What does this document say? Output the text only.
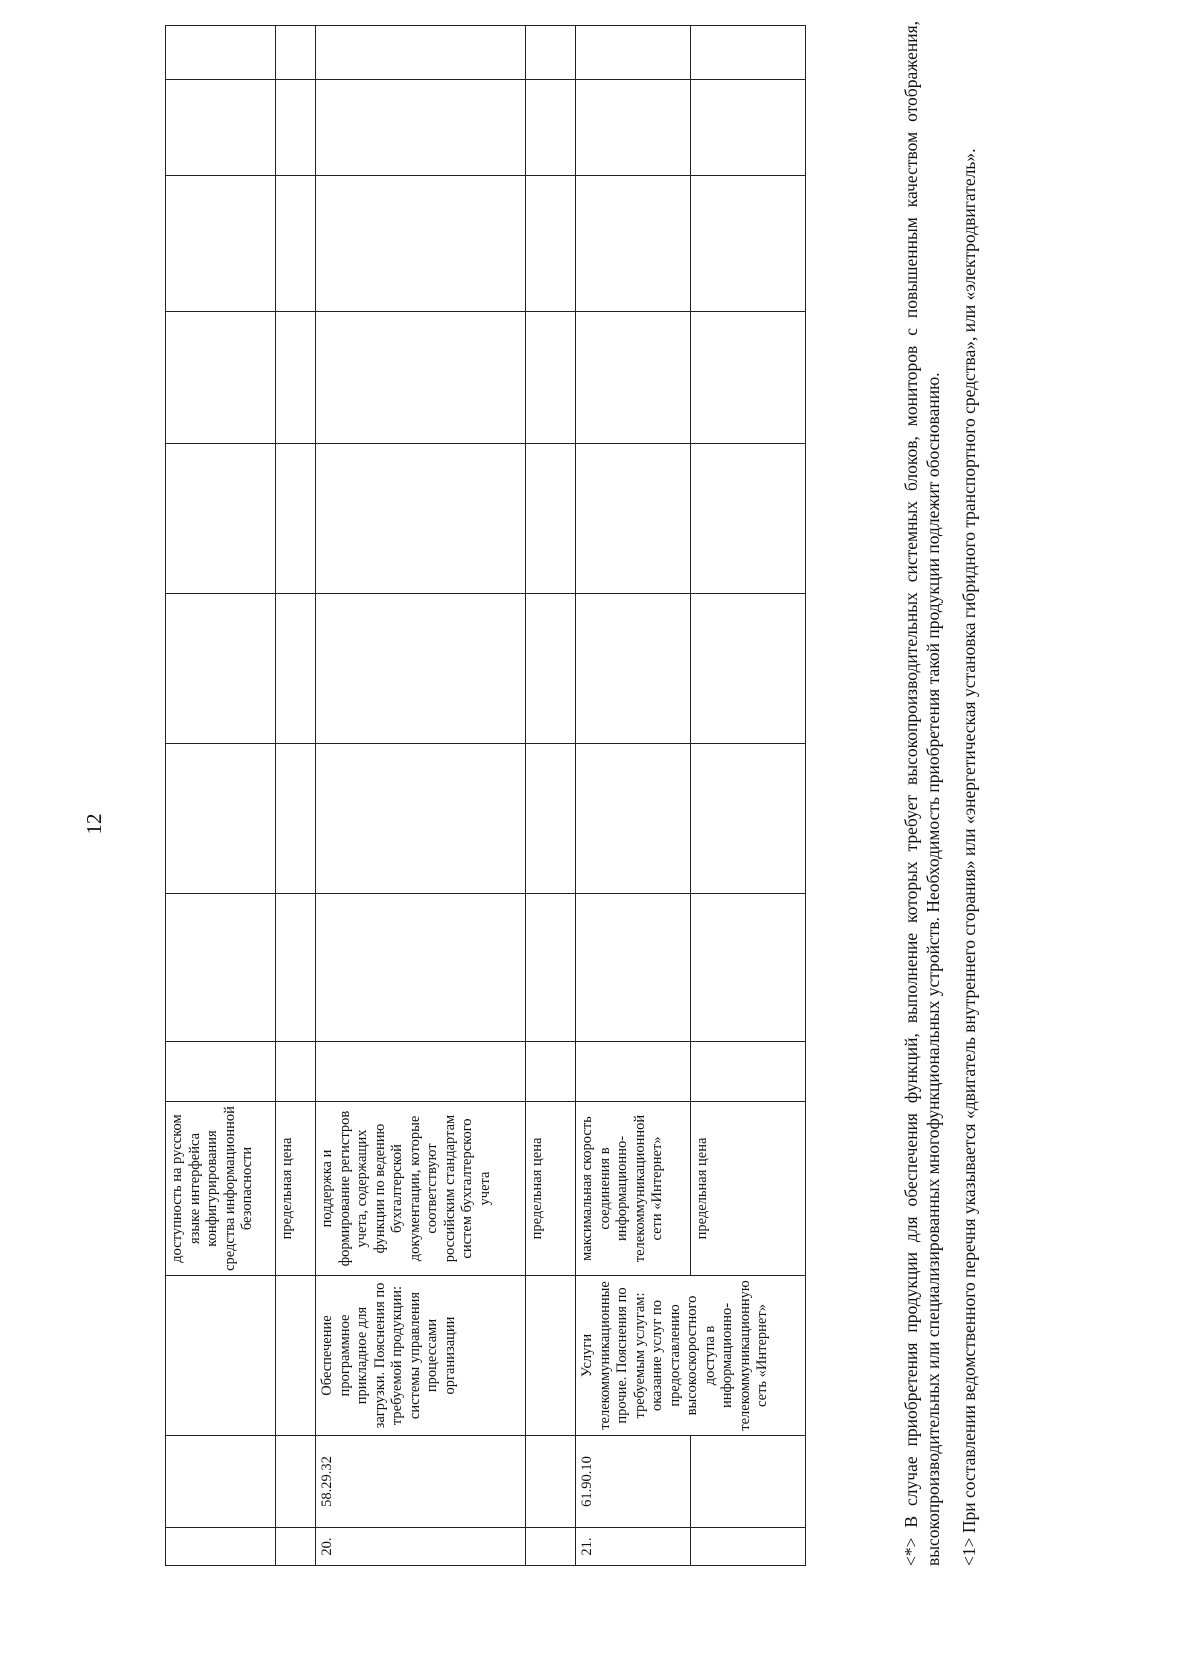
12
			доступность на русском языке интерфейса конфигурирования средства информационной безопасности									
			предельная цена									
20.	58.29.32	Обеспечение программное прикладное для загрузки. Пояснения по требуемой продукции: системы управления процессами организации	поддержка и формирование регистров учета, содержащих функции по ведению бухгалтерской документации, которые соответствуют российским стандартам систем бухгалтерского учета									
			предельная цена									
21.	61.90.10	Услуги телекоммуникационные прочие. Пояснения по требуемым услугам: оказание услуг по предоставлению высокоскоростного доступа в информационно-телекоммуникационную сеть «Интернет»	максимальная скорость соединения в информационно-телекоммуникационной сети «Интернет»									
			предельная цена										<*> В случае приобретения продукции для обеспечения функций, выполнение которых требует высокопроизводительных системных блоков, мониторов с повышенным качеством отображения, высокопроизводительных или специализированных многофункциональных устройств. Необходимость приобретения такой продукции подлежит обоснованию. <1> При составлении ведомственного перечня указывается «двигатель внутреннего сгорания» или «энергетическая установка гибридного транспортного средства», или «электродвигатель».
